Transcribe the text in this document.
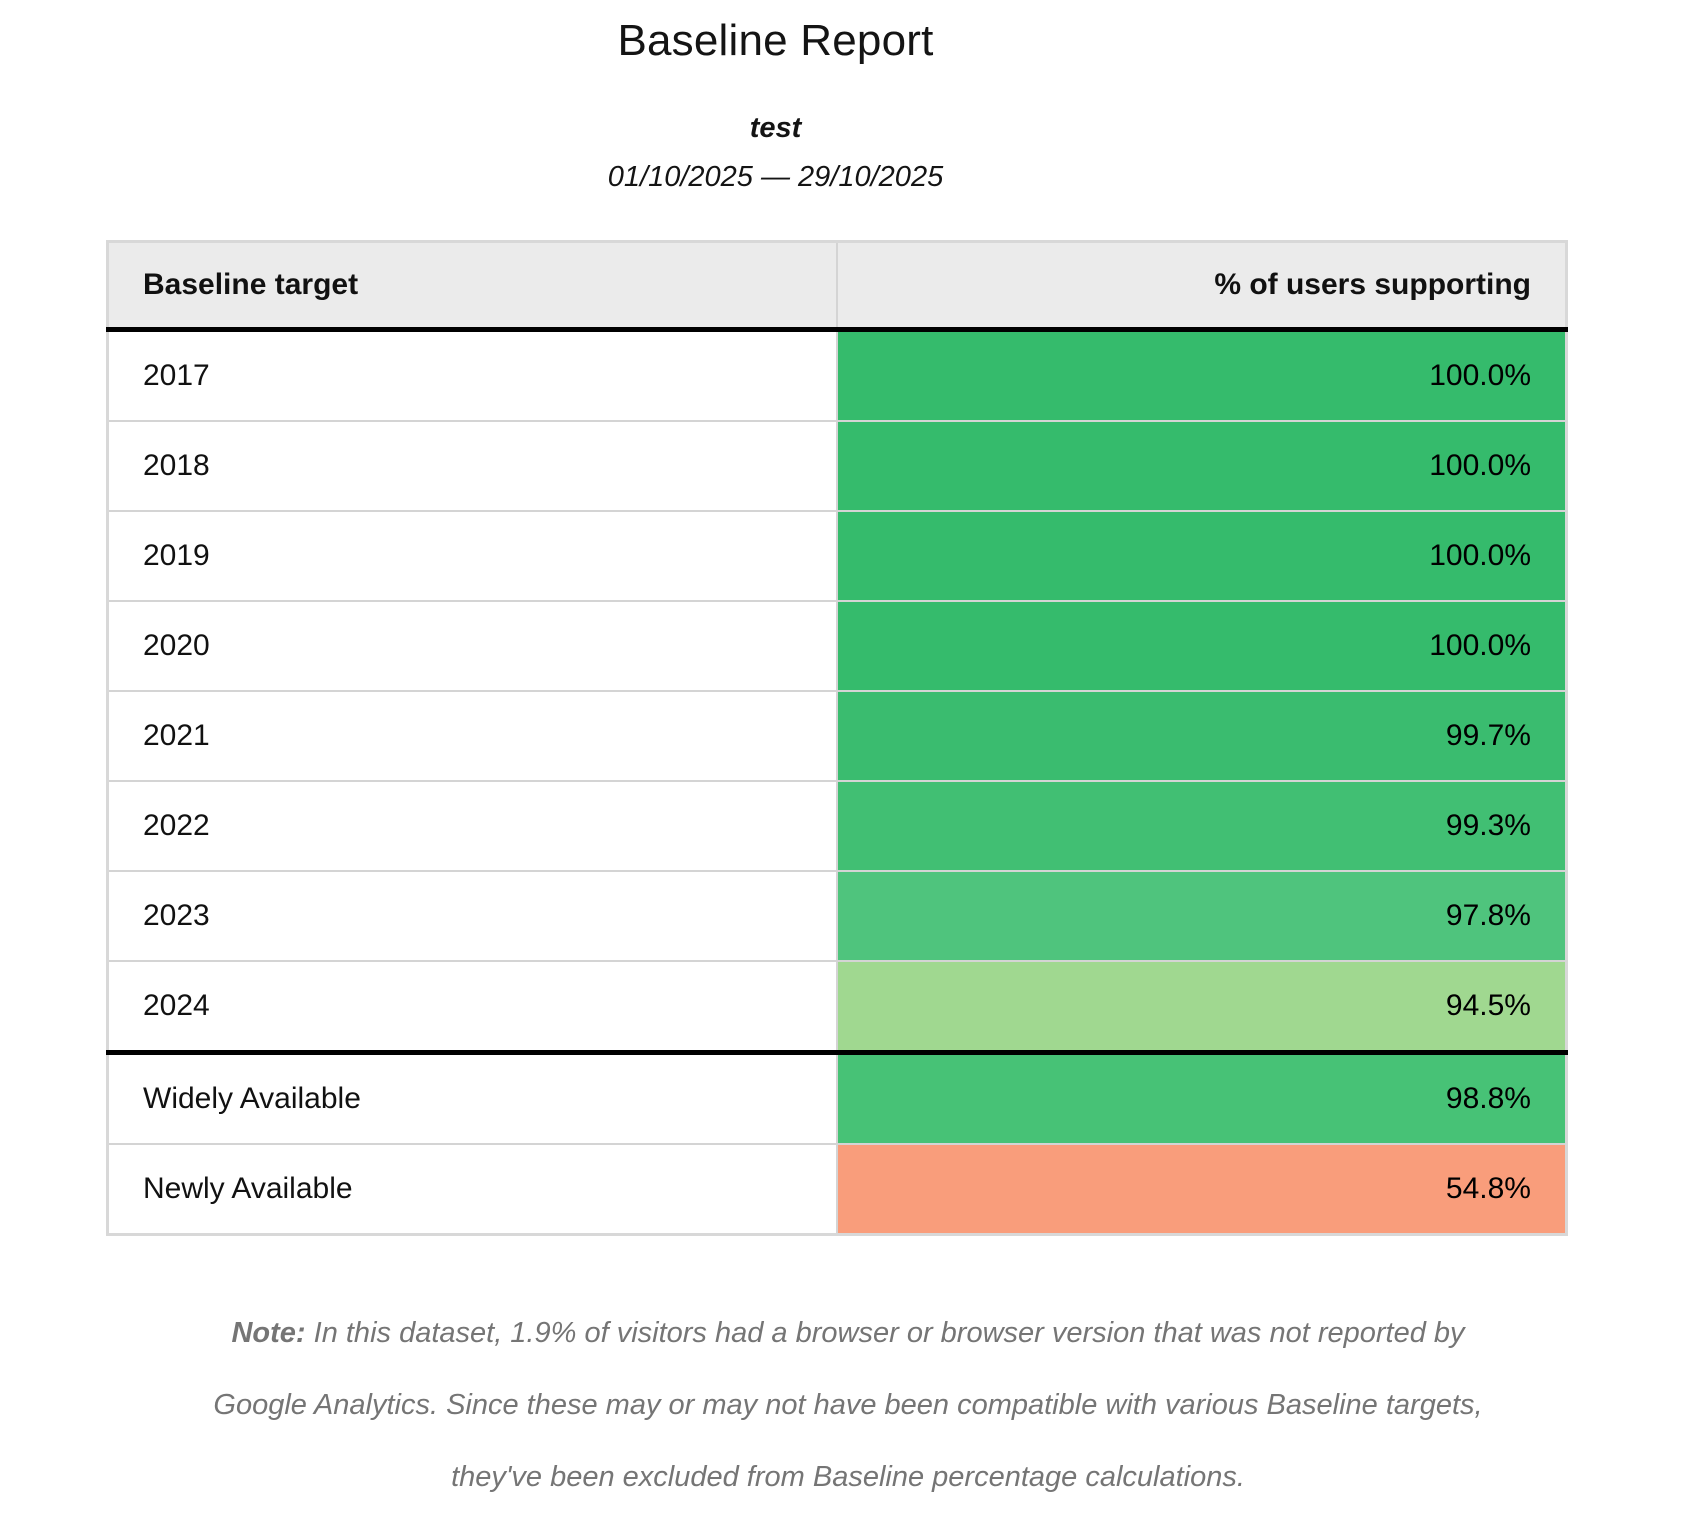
Baseline Report
test
01/10/2025 — 29/10/2025
Baseline target	% of users supporting
2017	100.0%
2018	100.0%
2019	100.0%
2020	100.0%
2021	99.7%
2022	99.3%
2023	97.8%
2024	94.5%
Widely Available	98.8%
Newly Available	54.8%

Note: In this dataset, 1.9% of visitors had a browser or browser version that was not reported by Google Analytics. Since these may or may not have been compatible with various Baseline targets, they've been excluded from Baseline percentage calculations.
